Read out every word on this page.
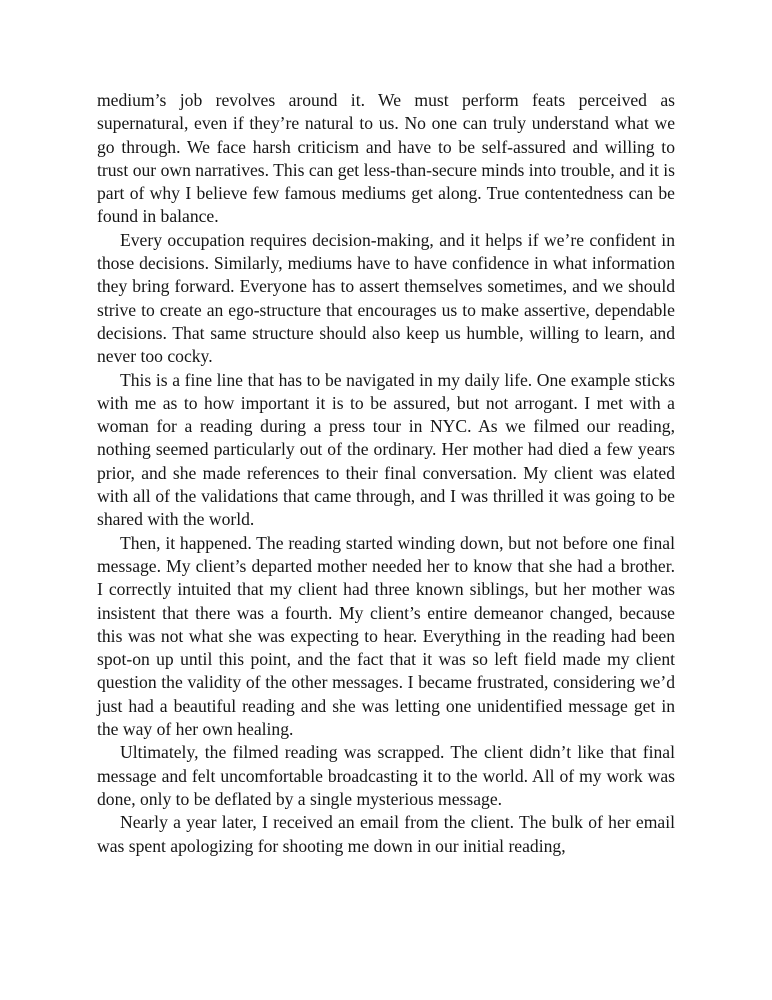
medium’s job revolves around it. We must perform feats perceived as supernatural, even if they’re natural to us. No one can truly understand what we go through. We face harsh criticism and have to be self-assured and willing to trust our own narratives. This can get less-than-secure minds into trouble, and it is part of why I believe few famous mediums get along. True contentedness can be found in balance.

Every occupation requires decision-making, and it helps if we’re confident in those decisions. Similarly, mediums have to have confidence in what information they bring forward. Everyone has to assert themselves sometimes, and we should strive to create an ego-structure that encourages us to make assertive, dependable decisions. That same structure should also keep us humble, willing to learn, and never too cocky.

This is a fine line that has to be navigated in my daily life. One example sticks with me as to how important it is to be assured, but not arrogant. I met with a woman for a reading during a press tour in NYC. As we filmed our reading, nothing seemed particularly out of the ordinary. Her mother had died a few years prior, and she made references to their final conversation. My client was elated with all of the validations that came through, and I was thrilled it was going to be shared with the world.

Then, it happened. The reading started winding down, but not before one final message. My client’s departed mother needed her to know that she had a brother. I correctly intuited that my client had three known siblings, but her mother was insistent that there was a fourth. My client’s entire demeanor changed, because this was not what she was expecting to hear. Everything in the reading had been spot-on up until this point, and the fact that it was so left field made my client question the validity of the other messages. I became frustrated, considering we’d just had a beautiful reading and she was letting one unidentified message get in the way of her own healing.

Ultimately, the filmed reading was scrapped. The client didn’t like that final message and felt uncomfortable broadcasting it to the world. All of my work was done, only to be deflated by a single mysterious message.

Nearly a year later, I received an email from the client. The bulk of her email was spent apologizing for shooting me down in our initial reading,
